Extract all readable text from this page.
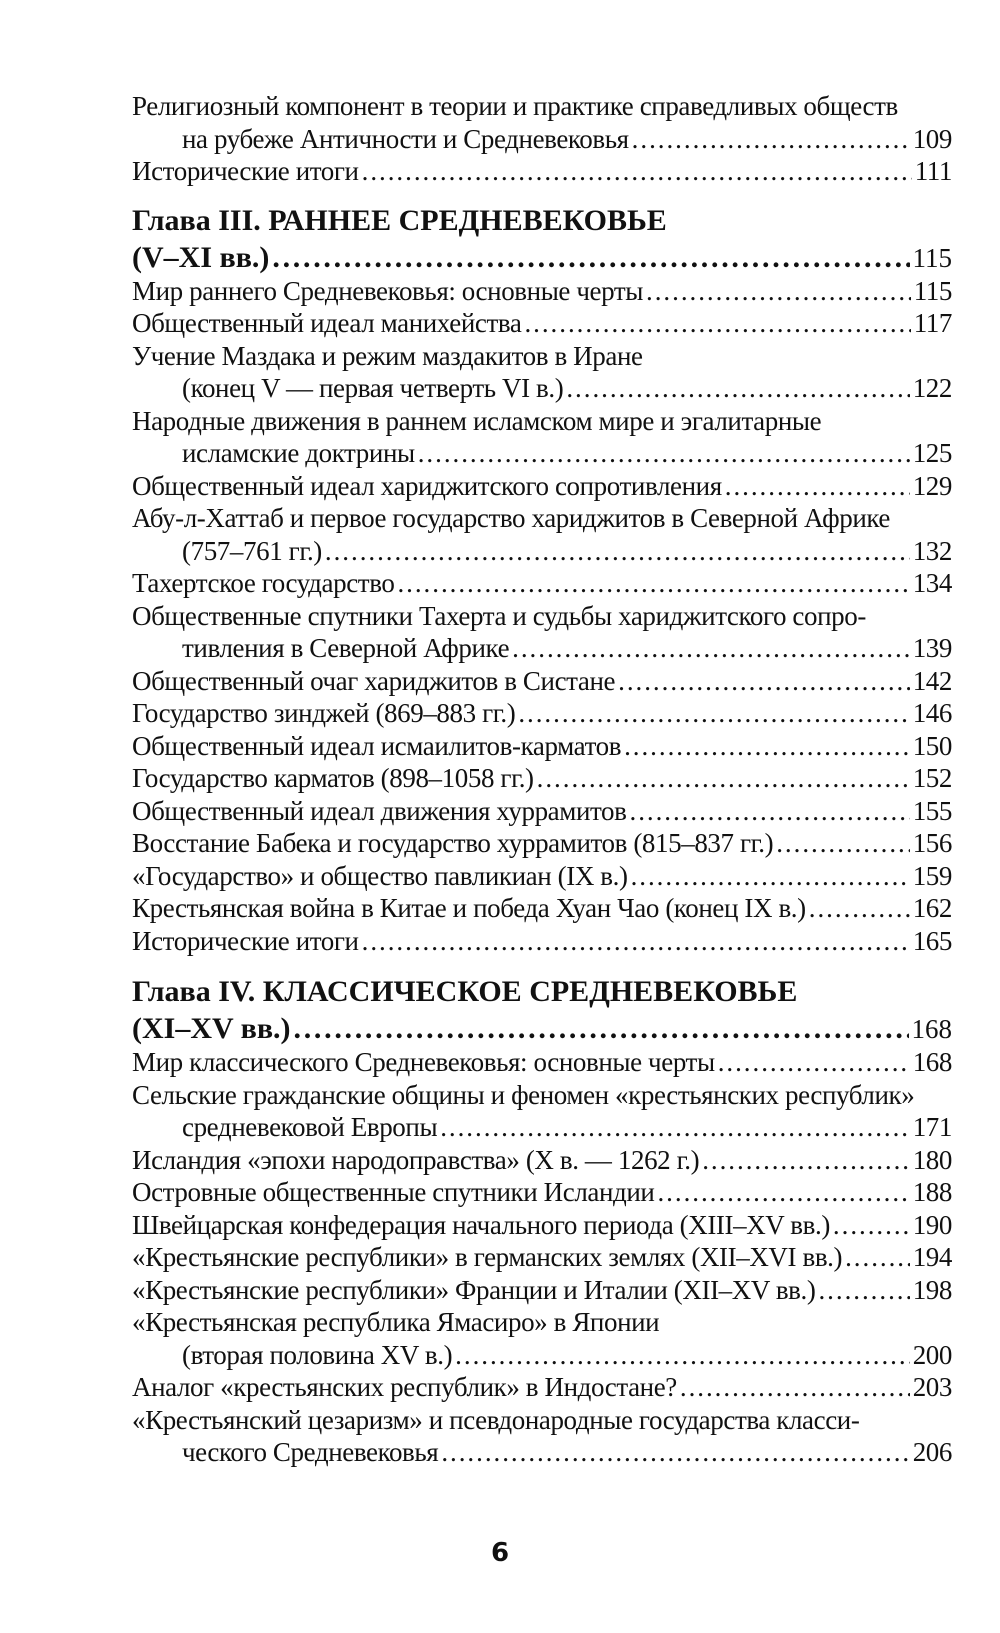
Религиозный компонент в теории и практике справедливых обществ
на рубеже Античности и Средневековья . . .	109
Исторические итоги . . .	111
Глава III. РАННЕЕ СРЕДНЕВЕКОВЬЕ
(V–XI вв.) . . .	115
Мир раннего Средневековья: основные черты . . .	115
Общественный идеал манихейства . . .	117
Учение Маздака и режим маздакитов в Иране
(конец V — первая четверть VI в.) . . .	122
Народные движения в раннем исламском мире и эгалитарные
исламские доктрины . . .	125
Общественный идеал хариджитского сопротивления . . .	129
Абу-л-Хаттаб и первое государство хариджитов в Северной Африке
(757–761 гг.) . . .	132
Тахертское государство . . .	134
Общественные спутники Тахерта и судьбы хариджитского сопро-
тивления в Северной Африке . . .	139
Общественный очаг хариджитов в Систане . . .	142
Государство зинджей (869–883 гг.) . . .	146
Общественный идеал исмаилитов-карматов . . .	150
Государство карматов (898–1058 гг.) . . .	152
Общественный идеал движения хуррамитов . . .	155
Восстание Бабека и государство хуррамитов (815–837 гг.) . . .	156
«Государство» и общество павликиан (IX в.) . . .	159
Крестьянская война в Китае и победа Хуан Чао (конец IX в.) . . .	162
Исторические итоги . . .	165
Глава IV. КЛАССИЧЕСКОЕ СРЕДНЕВЕКОВЬЕ
(XI–XV вв.) . . .	168
Мир классического Средневековья: основные черты . . .	168
Сельские гражданские общины и феномен «крестьянских республик»
средневековой Европы . . .	171
Исландия «эпохи народоправства» (X в. — 1262 г.) . . .	180
Островные общественные спутники Исландии . . .	188
Швейцарская конфедерация начального периода (XIII–XV вв.) . . .	190
«Крестьянские республики» в германских землях (XII–XVI вв.) . . .	194
«Крестьянские республики» Франции и Италии (XII–XV вв.) . . .	198
«Крестьянская республика Ямасиро» в Японии
(вторая половина XV в.) . . .	200
Аналог «крестьянских республик» в Индостане? . . .	203
«Крестьянский цезаризм» и псевдонародные государства класси-
ческого Средневековья . . .	206
6
